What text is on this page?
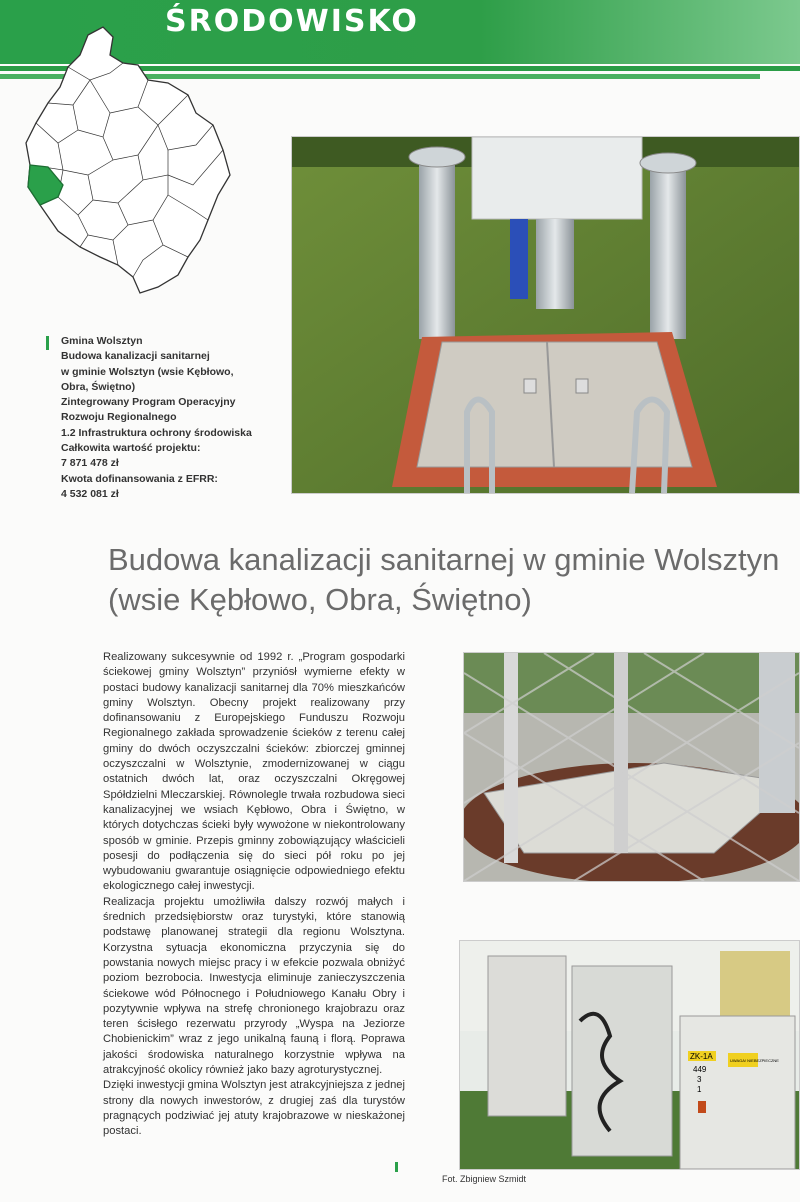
ŚRODOWISKO
Gmina Wolsztyn
Budowa kanalizacji sanitarnej
w gminie Wolsztyn (wsie Kębłowo,
Obra, Świętno)
Zintegrowany Program Operacyjny
Rozwoju Regionalnego
1.2 Infrastruktura ochrony środowiska
Całkowita wartość projektu:
7 871 478 zł
Kwota dofinansowania z EFRR:
4 532 081 zł
Budowa kanalizacji sanitarnej w gminie Wolsztyn (wsie Kębłowo, Obra, Świętno)

Realizowany sukcesywnie od 1992 r. „Program gospodarki ściekowej gminy Wolsztyn” przyniósł wymierne efekty w postaci budowy kanalizacji sanitarnej dla 70% mieszkańców gminy Wolsztyn. Obecny projekt realizowany przy dofinansowaniu z Europejskiego Funduszu Rozwoju Regionalnego zakłada sprowadzenie ścieków z terenu całej gminy do dwóch oczyszczalni ścieków: zbiorczej gminnej oczyszczalni w Wolsztynie, zmodernizowanej w ciągu ostatnich dwóch lat, oraz oczyszczalni Okręgowej Spółdzielni Mleczarskiej. Równolegle trwała rozbudowa sieci kanalizacyjnej we wsiach Kębłowo, Obra i Świętno, w których dotychczas ścieki były wywożone w niekontrolowany sposób w gminie. Przepis gminny zobowiązujący właścicieli posesji do podłączenia się do sieci pół roku po jej wybudowaniu gwarantuje osiągnięcie odpowiedniego efektu ekologicznego całej inwestycji.

Realizacja projektu umożliwiła dalszy rozwój małych i średnich przedsiębiorstw oraz turystyki, które stanowią podstawę planowanej strategii dla regionu Wolsztyna. Korzystna sytuacja ekonomiczna przyczynia się do powstania nowych miejsc pracy i w efekcie pozwala obniżyć poziom bezrobocia. Inwestycja eliminuje zanieczyszczenia ściekowe wód Północnego i Południowego Kanału Obry i pozytywnie wpływa na strefę chronionego krajobrazu oraz teren ścisłego rezerwatu przyrody „Wyspa na Jeziorze Chobienickim” wraz z jego unikalną fauną i florą. Poprawa jakości środowiska naturalnego korzystnie wpływa na atrakcyjność okolicy również jako bazy agroturystycznej.

Dzięki inwestycji gmina Wolsztyn jest atrakcyjniejsza z jednej strony dla nowych inwestorów, z drugiej zaś dla turystów pragnących podziwiać jej atuty krajobrazowe w nieskażonej postaci.

ZK-1A
449
3
1
UWAGA! NIEBEZPIECZNE
Fot. Zbigniew Szmidt
